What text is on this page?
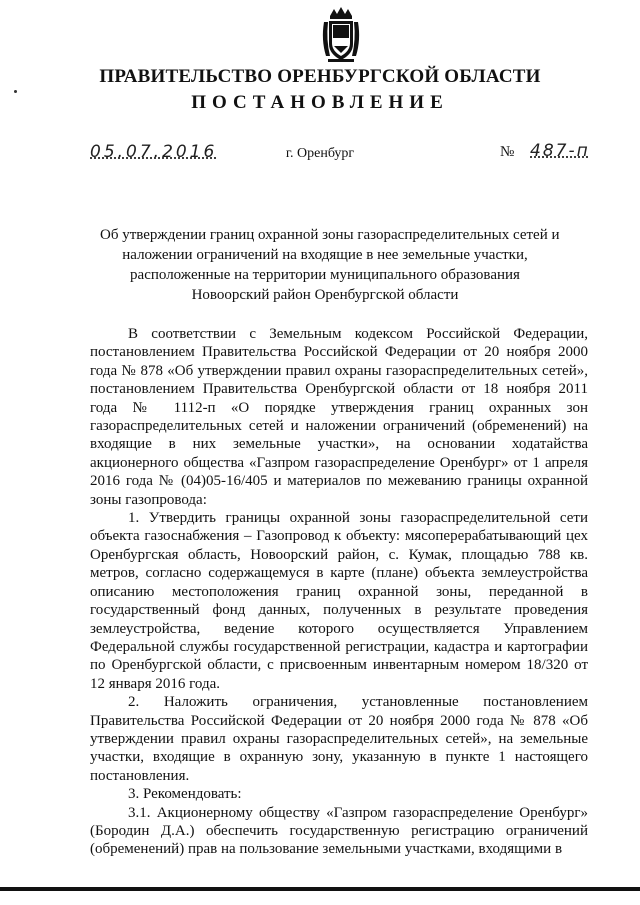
ПРАВИТЕЛЬСТВО ОРЕНБУРГСКОЙ ОБЛАСТИ
ПОСТАНОВЛЕНИЕ
05.07.2016	г. Оренбург	№ 487-п
Об утверждении границ охранной зоны газораспределительных сетей и
наложении ограничений на входящие в нее земельные участки,
расположенные на территории муниципального образования
Новоорский район Оренбургской области

В соответствии с Земельным кодексом Российской Федерации, постановлением Правительства Российской Федерации от 20 ноября 2000 года № 878 «Об утверждении правил охраны газораспределительных сетей», постановлением Правительства Оренбургской области от 18 ноября 2011 года № 1112-п «О порядке утверждения границ охранных зон газораспределительных сетей и наложении ограничений (обременений) на входящие в них земельные участки», на основании ходатайства акционерного общества «Газпром газораспределение Оренбург» от 1 апреля 2016 года № (04)05-16/405 и материалов по межеванию границы охранной зоны газопровода:

1. Утвердить границы охранной зоны газораспределительной сети объекта газоснабжения – Газопровод к объекту: мясоперерабатывающий цех Оренбургская область, Новоорский район, с. Кумак, площадью 788 кв. метров, согласно содержащемуся в карте (плане) объекта землеустройства описанию местоположения границ охранной зоны, переданной в государственный фонд данных, полученных в результате проведения землеустройства, ведение которого осуществляется Управлением Федеральной службы государственной регистрации, кадастра и картографии по Оренбургской области, с присвоенным инвентарным номером 18/320 от 12 января 2016 года.

2. Наложить ограничения, установленные постановлением Правительства Российской Федерации от 20 ноября 2000 года № 878 «Об утверждении правил охраны газораспределительных сетей», на земельные участки, входящие в охранную зону, указанную в пункте 1 настоящего постановления.

3. Рекомендовать:

3.1. Акционерному обществу «Газпром газораспределение Оренбург» (Бородин Д.А.) обеспечить государственную регистрацию ограничений (обременений) прав на пользование земельными участками, входящими в
